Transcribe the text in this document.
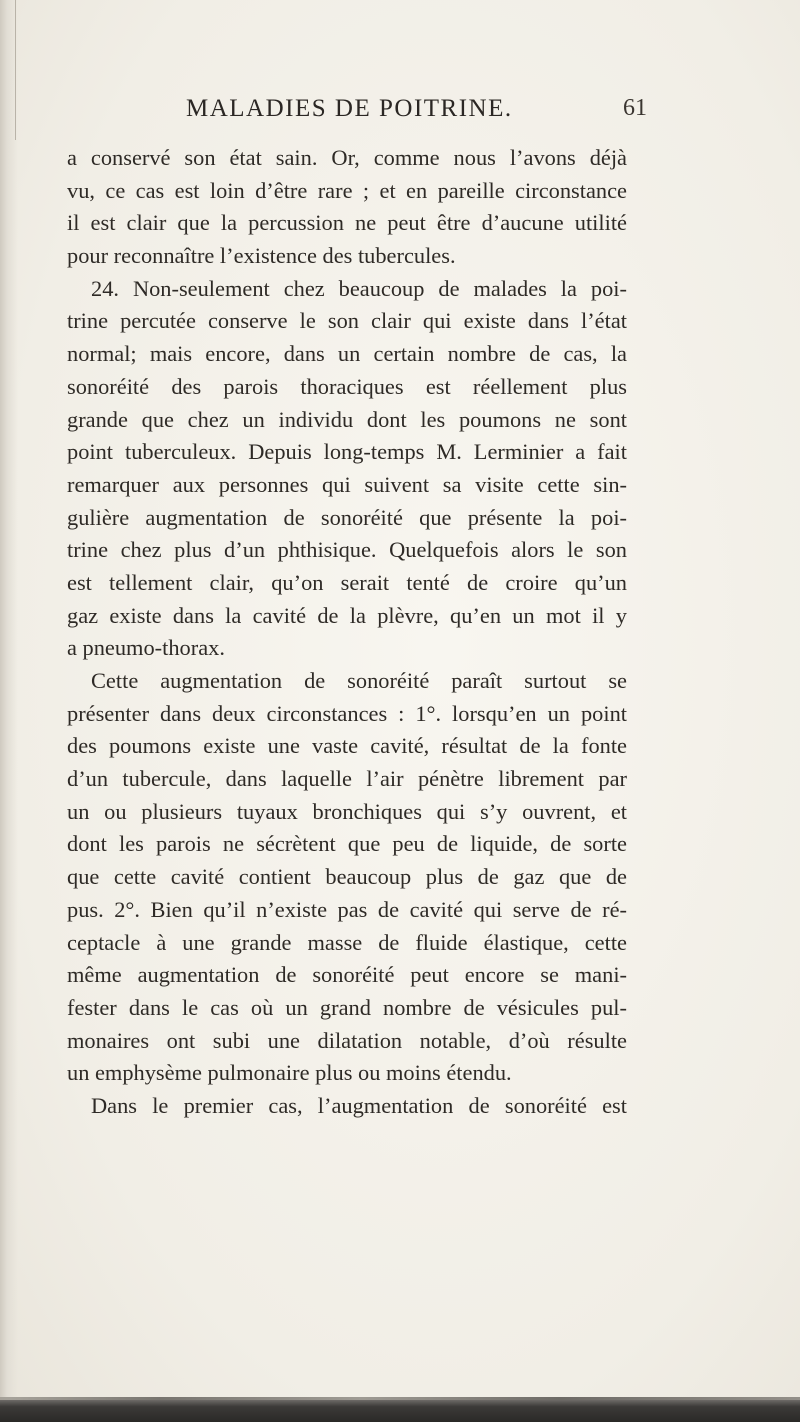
MALADIES DE POITRINE.	61
a conservé son état sain. Or, comme nous l’avons déjà
vu, ce cas est loin d’être rare ; et en pareille circonstance
il est clair que la percussion ne peut être d’aucune utilité
pour reconnaître l’existence des tubercules.
24. Non-seulement chez beaucoup de malades la poi-
trine percutée conserve le son clair qui existe dans l’état
normal; mais encore, dans un certain nombre de cas, la
sonoréité des parois thoraciques est réellement plus
grande que chez un individu dont les poumons ne sont
point tuberculeux. Depuis long-temps M. Lerminier a fait
remarquer aux personnes qui suivent sa visite cette sin-
gulière augmentation de sonoréité que présente la poi-
trine chez plus d’un phthisique. Quelquefois alors le son
est tellement clair, qu’on serait tenté de croire qu’un
gaz existe dans la cavité de la plèvre, qu’en un mot il y
a pneumo-thorax.
Cette augmentation de sonoréité paraît surtout se
présenter dans deux circonstances : 1°. lorsqu’en un point
des poumons existe une vaste cavité, résultat de la fonte
d’un tubercule, dans laquelle l’air pénètre librement par
un ou plusieurs tuyaux bronchiques qui s’y ouvrent, et
dont les parois ne sécrètent que peu de liquide, de sorte
que cette cavité contient beaucoup plus de gaz que de
pus. 2°. Bien qu’il n’existe pas de cavité qui serve de ré-
ceptacle à une grande masse de fluide élastique, cette
même augmentation de sonoréité peut encore se mani-
fester dans le cas où un grand nombre de vésicules pul-
monaires ont subi une dilatation notable, d’où résulte
un emphysème pulmonaire plus ou moins étendu.
Dans le premier cas, l’augmentation de sonoréité est
